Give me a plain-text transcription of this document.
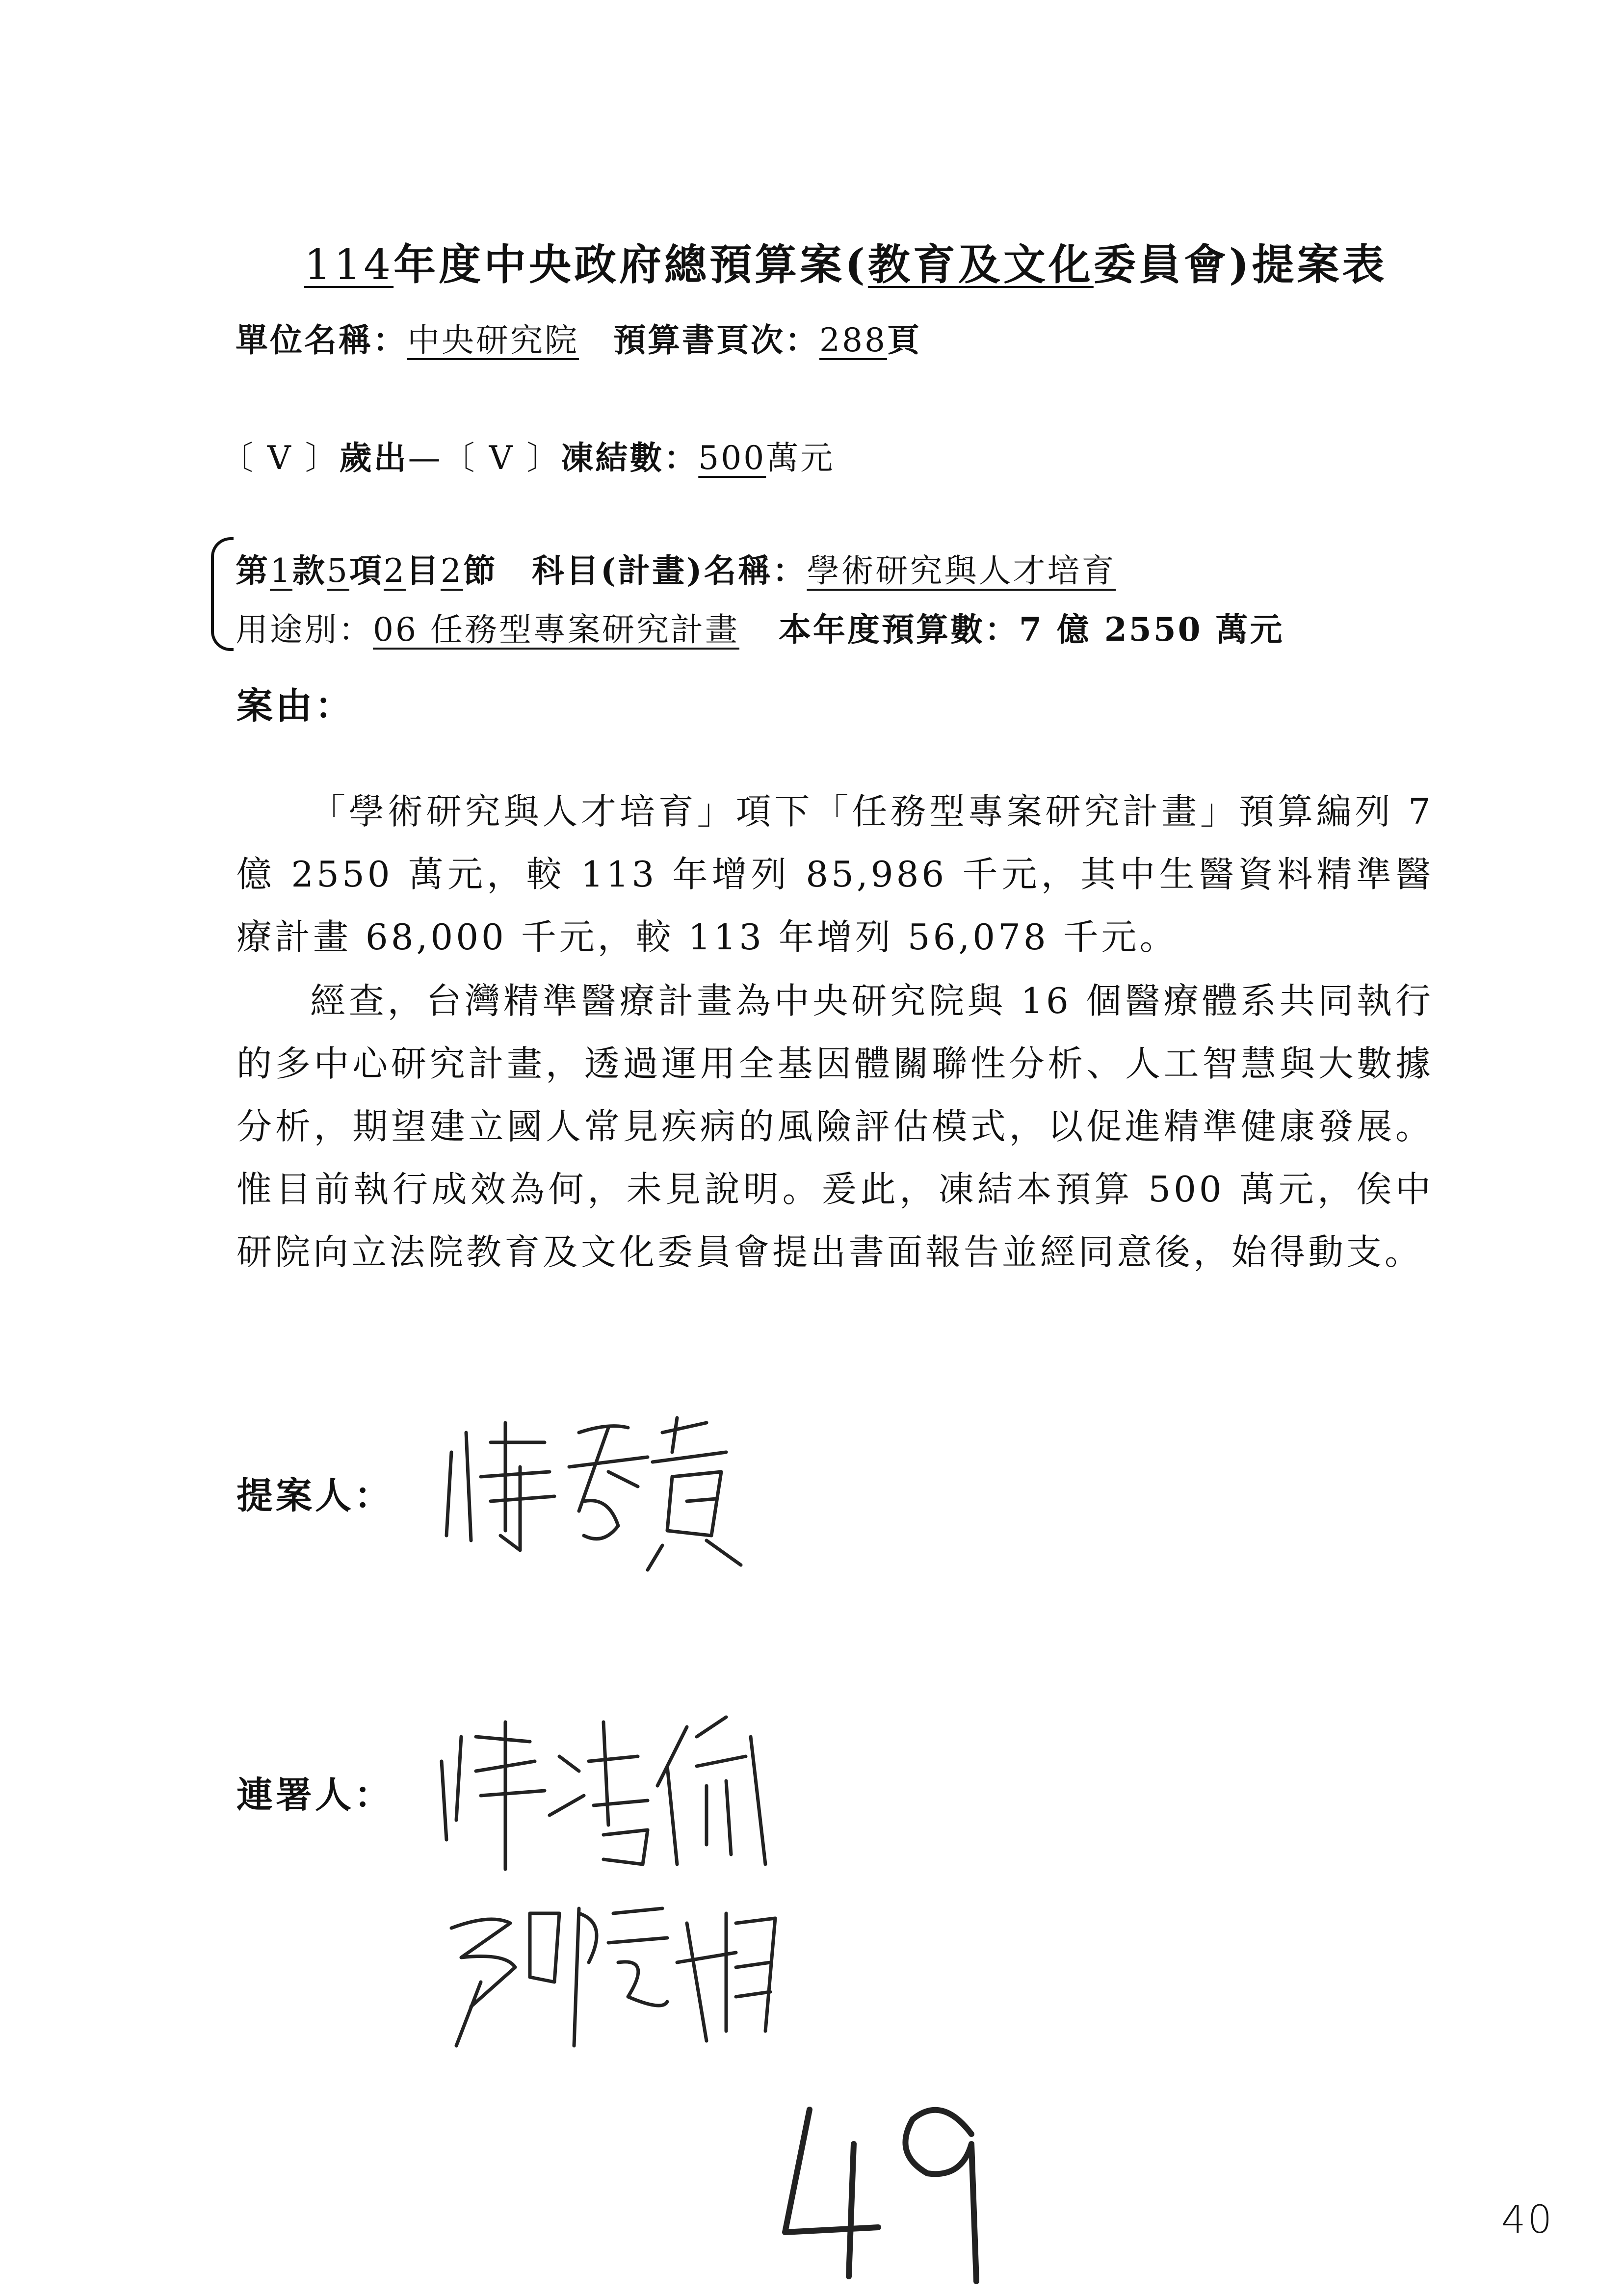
114年度中央政府總預算案(教育及文化委員會)提案表
單位名稱：中央研究院 預算書頁次：288頁
〔 V 〕歲出—〔 V 〕凍結數：500萬元
第1款5項2目2節 科目(計畫)名稱：學術研究與人才培育
用途別：06 任務型專案研究計畫 本年度預算數：7 億 2550 萬元
案由：
「學術研究與人才培育」項下「任務型專案研究計畫」預算編列 7 億 2550 萬元，較 113 年增列 85,986 千元，其中生醫資料精準醫療計畫 68,000 千元，較 113 年增列 56,078 千元。
經查，台灣精準醫療計畫為中央研究院與 16 個醫療體系共同執行的多中心研究計畫，透過運用全基因體關聯性分析、人工智慧與大數據分析，期望建立國人常見疾病的風險評估模式，以促進精準健康發展。惟目前執行成效為何，未見說明。爰此，凍結本預算 500 萬元，俟中研院向立法院教育及文化委員會提出書面報告並經同意後，始得動支。
提案人：
連署人：
40
